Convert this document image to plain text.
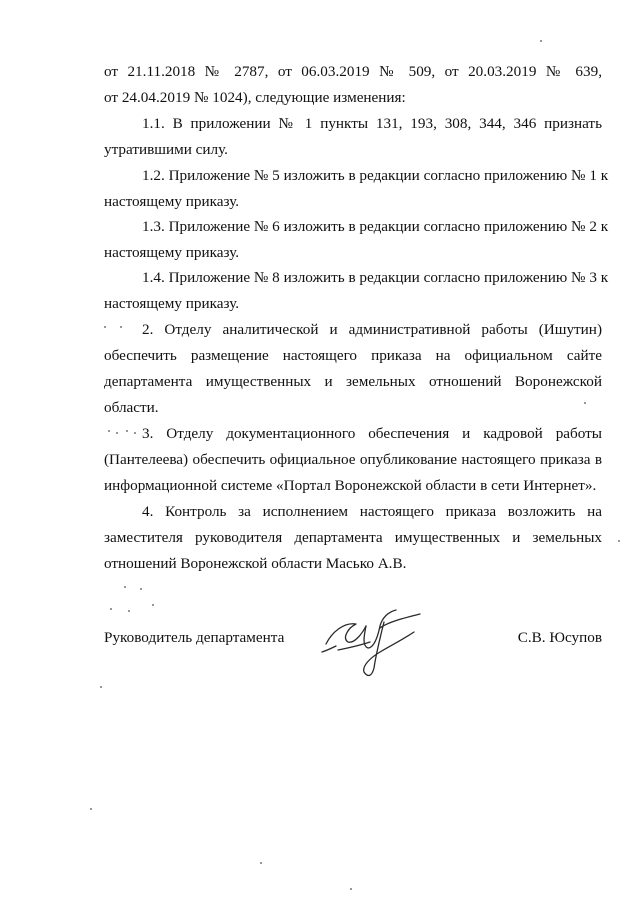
от 21.11.2018 № 2787, от 06.03.2019 № 509, от 20.03.2019 № 639,
от 24.04.2019 № 1024), следующие изменения:
1.1. В приложении № 1 пункты 131, 193, 308, 344, 346 признать
утратившими силу.
1.2. Приложение № 5 изложить в редакции согласно приложению № 1 к
настоящему приказу.
1.3. Приложение № 6 изложить в редакции согласно приложению № 2 к
настоящему приказу.
1.4. Приложение № 8 изложить в редакции согласно приложению № 3 к
настоящему приказу.
2. Отделу аналитической и административной работы (Ишутин)
обеспечить размещение настоящего приказа на официальном сайте
департамента имущественных и земельных отношений Воронежской
области.
3. Отделу документационного обеспечения и кадровой работы
(Пантелеева) обеспечить официальное опубликование настоящего приказа в
информационной системе «Портал Воронежской области в сети Интернет».
4. Контроль за исполнением настоящего приказа возложить на
заместителя руководителя департамента имущественных и земельных
отношений Воронежской области Масько А.В.
Руководитель департамента	С.В. Юсупов
